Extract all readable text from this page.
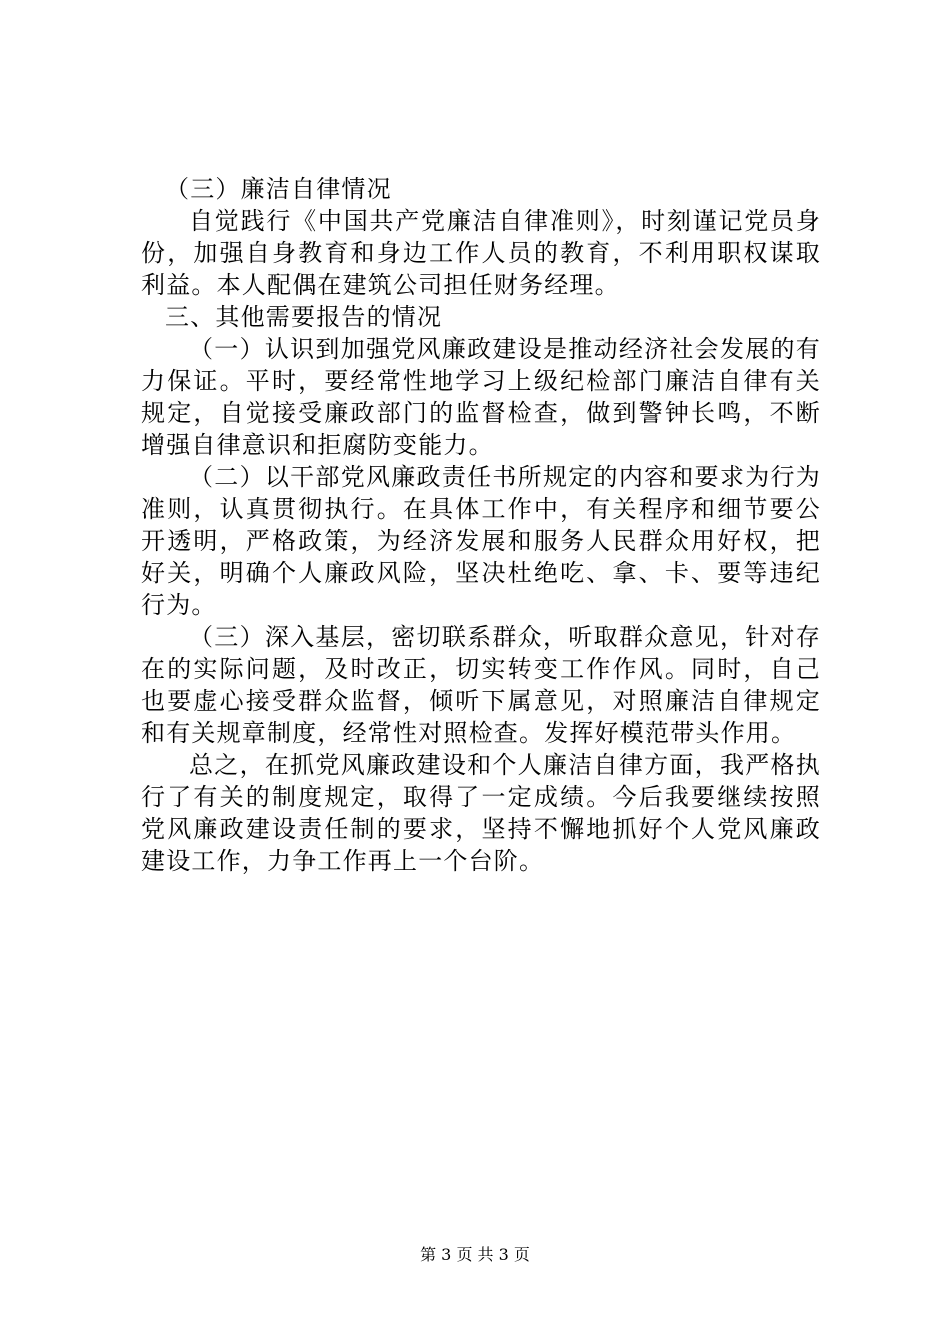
（三）廉洁自律情况

自觉践行《中国共产党廉洁自律准则》，时刻谨记党员身份，加强自身教育和身边工作人员的教育，不利用职权谋取利益。本人配偶在建筑公司担任财务经理。

三、其他需要报告的情况

（一）认识到加强党风廉政建设是推动经济社会发展的有力保证。平时，要经常性地学习上级纪检部门廉洁自律有关规定，自觉接受廉政部门的监督检查，做到警钟长鸣，不断增强自律意识和拒腐防变能力。

（二）以干部党风廉政责任书所规定的内容和要求为行为准则，认真贯彻执行。在具体工作中，有关程序和细节要公开透明，严格政策，为经济发展和服务人民群众用好权，把好关，明确个人廉政风险，坚决杜绝吃、拿、卡、要等违纪行为。

（三）深入基层，密切联系群众，听取群众意见，针对存在的实际问题，及时改正，切实转变工作作风。同时，自己也要虚心接受群众监督，倾听下属意见，对照廉洁自律规定和有关规章制度，经常性对照检查。发挥好模范带头作用。

总之，在抓党风廉政建设和个人廉洁自律方面，我严格执行了有关的制度规定，取得了一定成绩。今后我要继续按照党风廉政建设责任制的要求，坚持不懈地抓好个人党风廉政建设工作，力争工作再上一个台阶。

第 3 页 共 3 页
